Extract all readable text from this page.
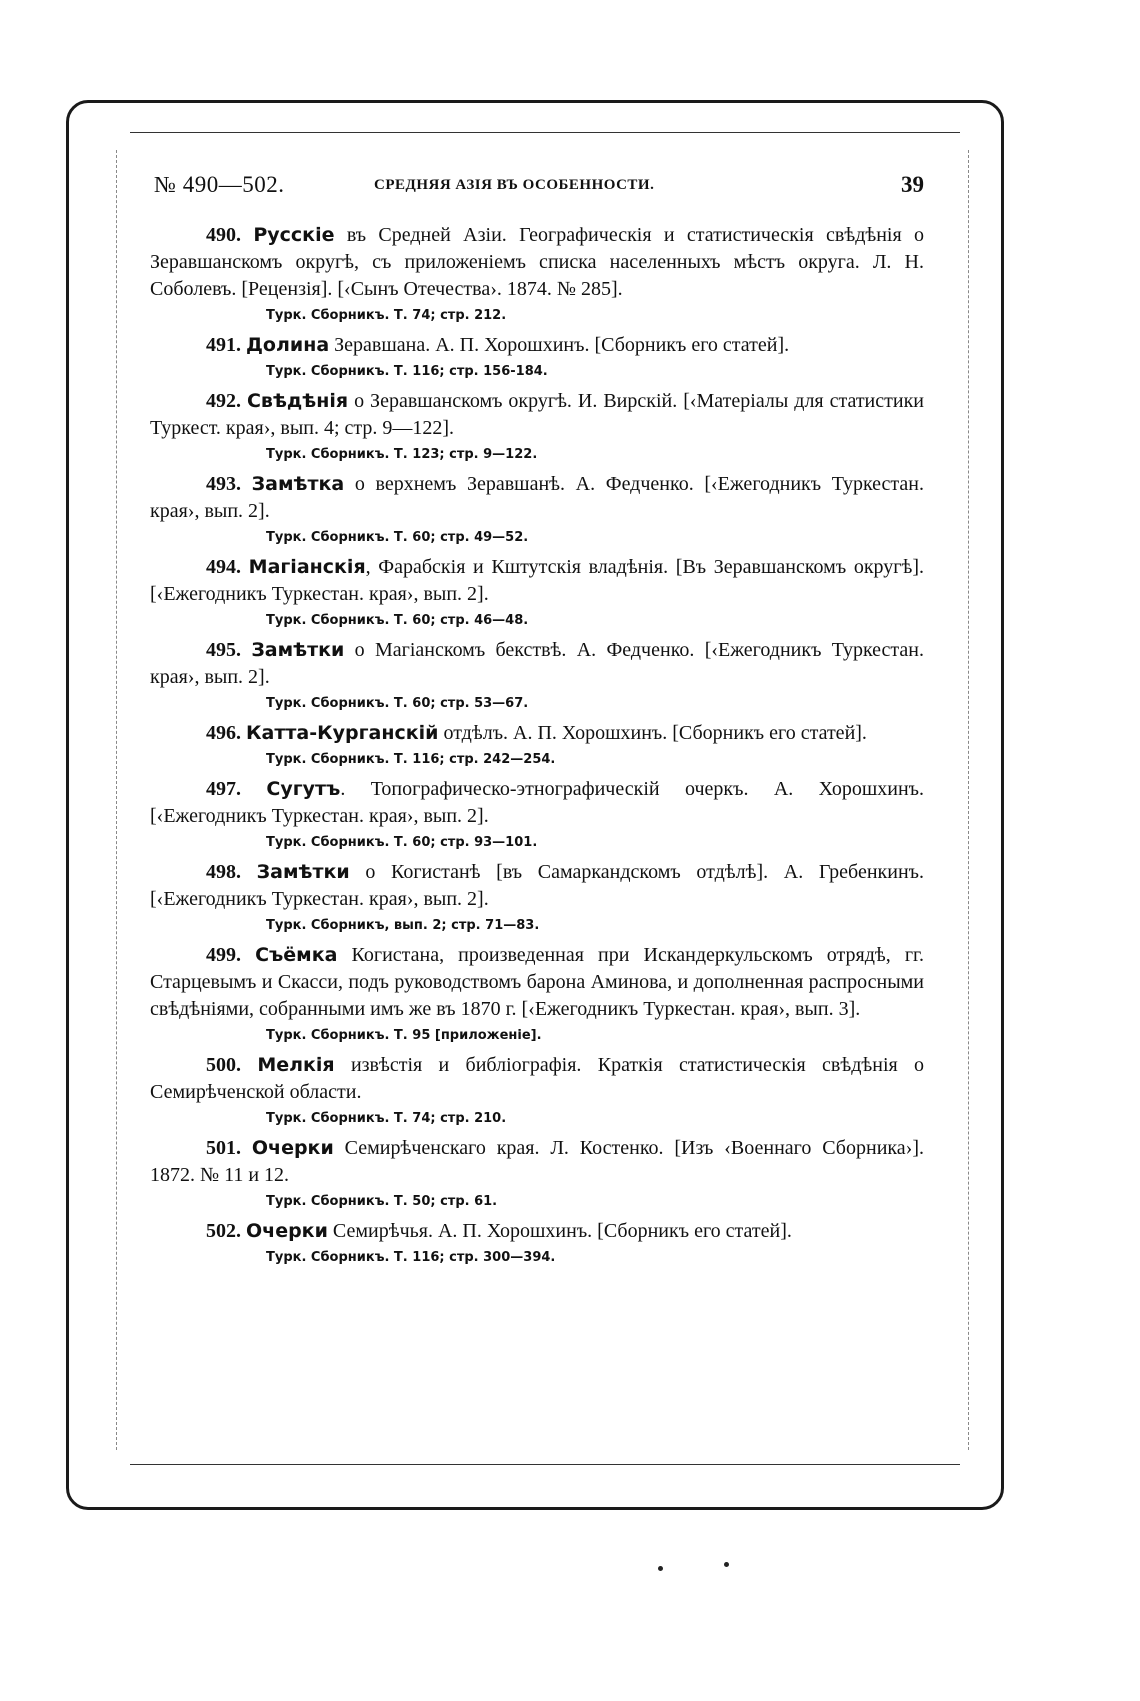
№ 490—502.	СРЕДНЯЯ АЗІЯ ВЪ ОСОБЕННОСТИ.	39

490. Русскіе въ Средней Азіи. Географическія и статистическія свѣдѣнія о Зеравшанскомъ округѣ, съ приложеніемъ списка населенныхъ мѣстъ округа. Л. Н. Соболевъ. [Рецензія]. [‹Сынъ Отечества›. 1874. № 285].

Турк. Сборникъ. Т. 74; стр. 212.

491. Долина Зеравшана. А. П. Хорошхинъ. [Сборникъ его статей].

Турк. Сборникъ. Т. 116; стр. 156-184.

492. Свѣдѣнія о Зеравшанскомъ округѣ. И. Вирскій. [‹Матеріалы для статистики Туркест. края›, вып. 4; стр. 9—122].

Турк. Сборникъ. Т. 123; стр. 9—122.

493. Замѣтка о верхнемъ Зеравшанѣ. А. Федченко. [‹Ежегодникъ Туркестан. края›, вып. 2].

Турк. Сборникъ. Т. 60; стр. 49—52.

494. Магіанскія, Фарабскія и Кштутскія владѣнія. [Въ Зеравшанскомъ округѣ]. [‹Ежегодникъ Туркестан. края›, вып. 2].

Турк. Сборникъ. Т. 60; стр. 46—48.

495. Замѣтки о Магіанскомъ бекствѣ. А. Федченко. [‹Ежегодникъ Туркестан. края›, вып. 2].

Турк. Сборникъ. Т. 60; стр. 53—67.

496. Катта-Курганскій отдѣлъ. А. П. Хорошхинъ. [Сборникъ его статей].

Турк. Сборникъ. Т. 116; стр. 242—254.

497. Сугутъ. Топографическо-этнографическій очеркъ. А. Хорошхинъ. [‹Ежегодникъ Туркестан. края›, вып. 2].

Турк. Сборникъ. Т. 60; стр. 93—101.

498. Замѣтки о Когистанѣ [въ Самаркандскомъ отдѣлѣ]. А. Гребенкинъ. [‹Ежегодникъ Туркестан. края›, вып. 2].

Турк. Сборникъ, вып. 2; стр. 71—83.

499. Съёмка Когистана, произведенная при Искандеркульскомъ отрядѣ, гг. Старцевымъ и Скасси, подъ руководствомъ барона Аминова, и дополненная распросными свѣдѣніями, собранными имъ же въ 1870 г. [‹Ежегодникъ Туркестан. края›, вып. 3].

Турк. Сборникъ. Т. 95 [приложеніе].

500. Мелкія извѣстія и библіографія. Краткія статистическія свѣдѣнія о Семирѣченской области.

Турк. Сборникъ. Т. 74; стр. 210.

501. Очерки Семирѣченскаго края. Л. Костенко. [Изъ ‹Военнаго Сборника›]. 1872. № 11 и 12.

Турк. Сборникъ. Т. 50; стр. 61.

502. Очерки Семирѣчья. А. П. Хорошхинъ. [Сборникъ его статей].

Турк. Сборникъ. Т. 116; стр. 300—394.
